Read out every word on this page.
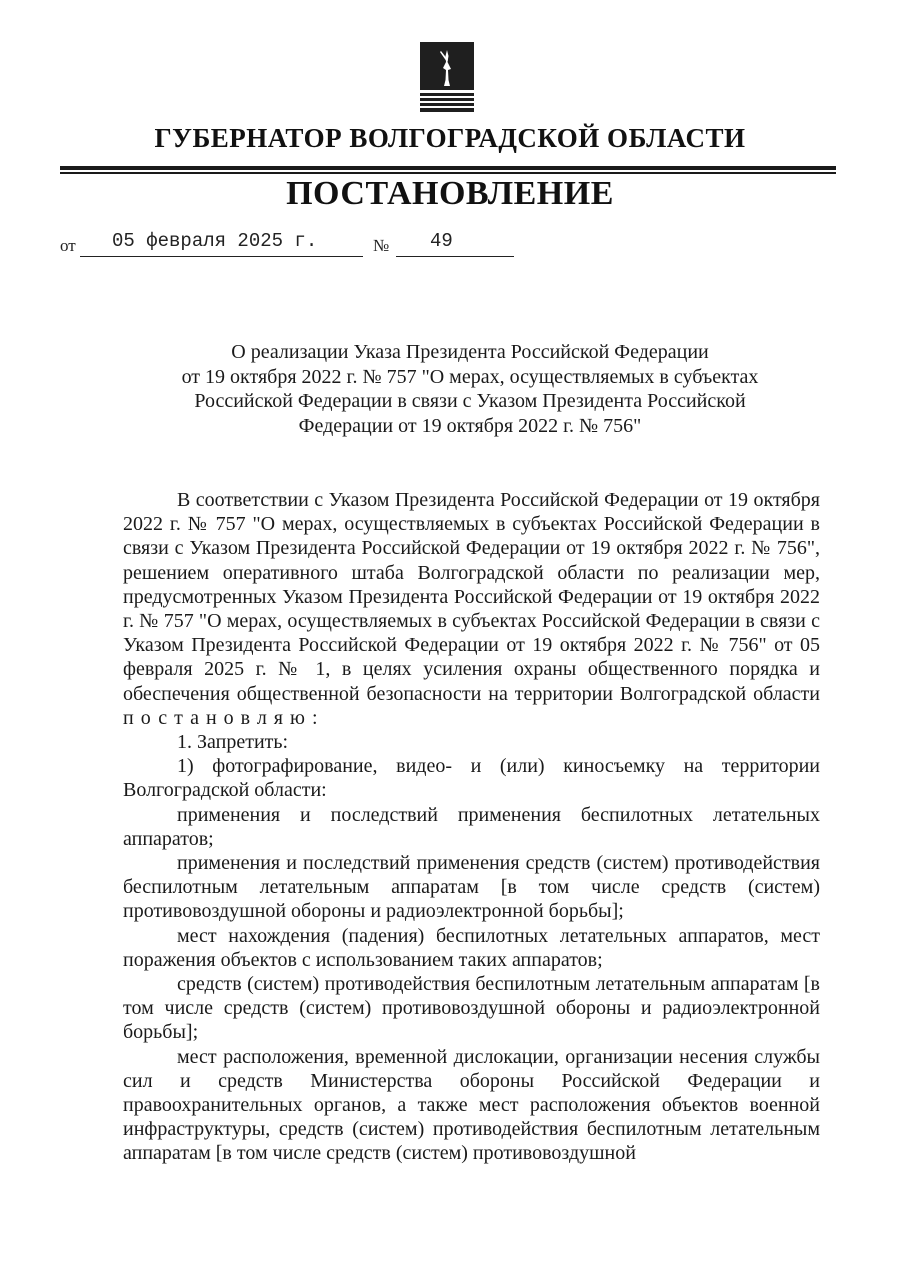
ГУБЕРНАТОР ВОЛГОГРАДСКОЙ ОБЛАСТИ
ПОСТАНОВЛЕНИЕ
от 05 февраля 2025 г.	№ 49
О реализации Указа Президента Российской Федерации
от 19 октября 2022 г. № 757 "О мерах, осуществляемых в субъектах
Российской Федерации в связи с Указом Президента Российской
Федерации от 19 октября 2022 г. № 756"

В соответствии с Указом Президента Российской Федерации от 19 октября 2022 г. № 757 "О мерах, осуществляемых в субъектах Российской Федерации в связи с Указом Президента Российской Федерации от 19 октября 2022 г. № 756", решением оперативного штаба Волгоградской области по реализации мер, предусмотренных Указом Президента Российской Федерации от 19 октября 2022 г. № 757 "О мерах, осуществляемых в субъектах Российской Федерации в связи с Указом Президента Российской Федерации от 19 октября 2022 г. № 756" от 05 февраля 2025 г. № 1, в целях усиления охраны общественного порядка и обеспечения общественной безопасности на территории Волгоградской области постановляю:

1. Запретить:

1) фотографирование, видео- и (или) киносъемку на территории Волгоградской области:

применения и последствий применения беспилотных летательных аппаратов;

применения и последствий применения средств (систем) противодействия беспилотным летательным аппаратам [в том числе средств (систем) противовоздушной обороны и радиоэлектронной борьбы];

мест нахождения (падения) беспилотных летательных аппаратов, мест поражения объектов с использованием таких аппаратов;

средств (систем) противодействия беспилотным летательным аппаратам [в том числе средств (систем) противовоздушной обороны и радиоэлектронной борьбы];

мест расположения, временной дислокации, организации несения службы сил и средств Министерства обороны Российской Федерации и правоохранительных органов, а также мест расположения объектов военной инфраструктуры, средств (систем) противодействия беспилотным летательным аппаратам [в том числе средств (систем) противовоздушной
